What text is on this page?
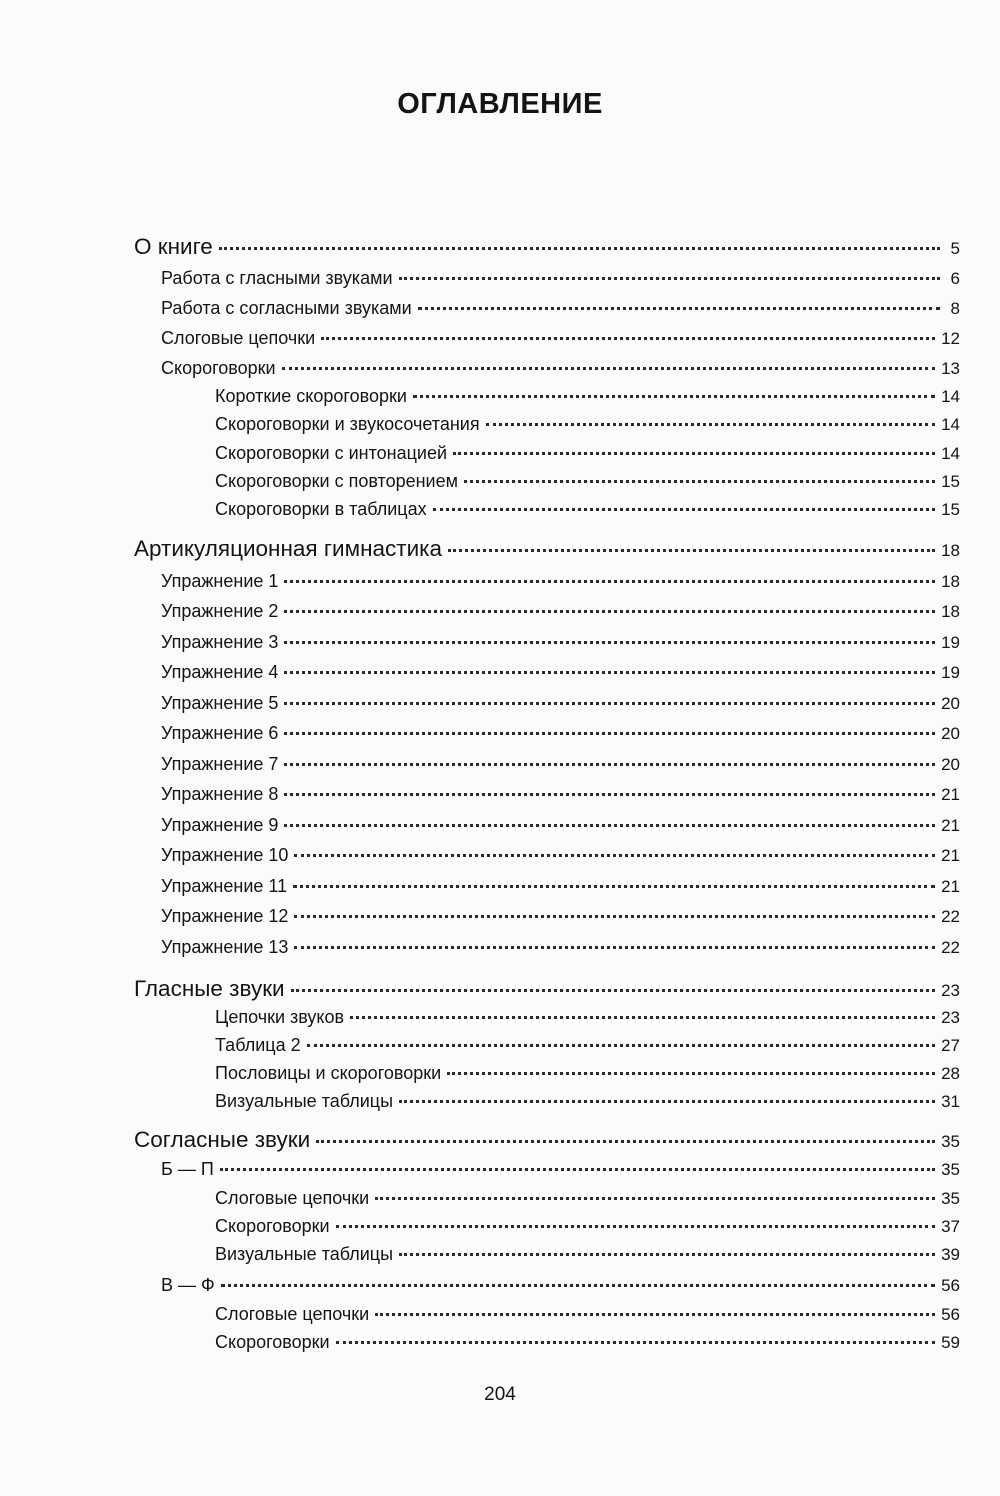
ОГЛАВЛЕНИЕ
О книге	5
Работа с гласными звуками	6
Работа с согласными звуками	8
Слоговые цепочки	12
Скороговорки	13
Короткие скороговорки	14
Скороговорки и звукосочетания	14
Скороговорки с интонацией	14
Скороговорки с повторением	15
Скороговорки в таблицах	15
Артикуляционная гимнастика	18
Упражнение 1	18
Упражнение 2	18
Упражнение 3	19
Упражнение 4	19
Упражнение 5	20
Упражнение 6	20
Упражнение 7	20
Упражнение 8	21
Упражнение 9	21
Упражнение 10	21
Упражнение 11	21
Упражнение 12	22
Упражнение 13	22
Гласные звуки	23
Цепочки звуков	23
Таблица 2	27
Пословицы и скороговорки	28
Визуальные таблицы	31
Согласные звуки	35
Б — П	35
Слоговые цепочки	35
Скороговорки	37
Визуальные таблицы	39
В — Ф	56
Слоговые цепочки	56
Скороговорки	59
204
